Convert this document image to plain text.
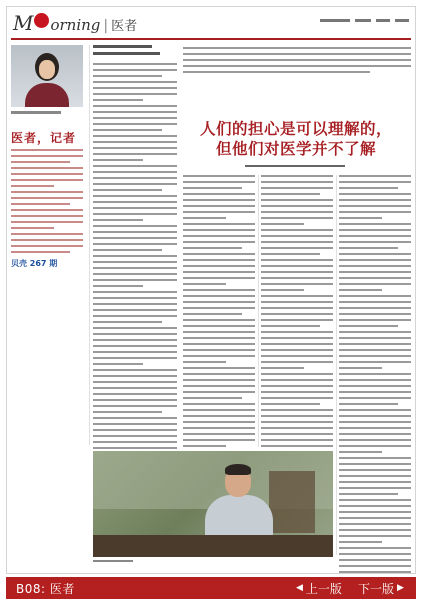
M orning | 医者
医者，记者
贝壳 267 期
人们的担心是可以理解的，
但他们对医学并不了解
B08: 医者	◀ 上一版 下一版 ▶
